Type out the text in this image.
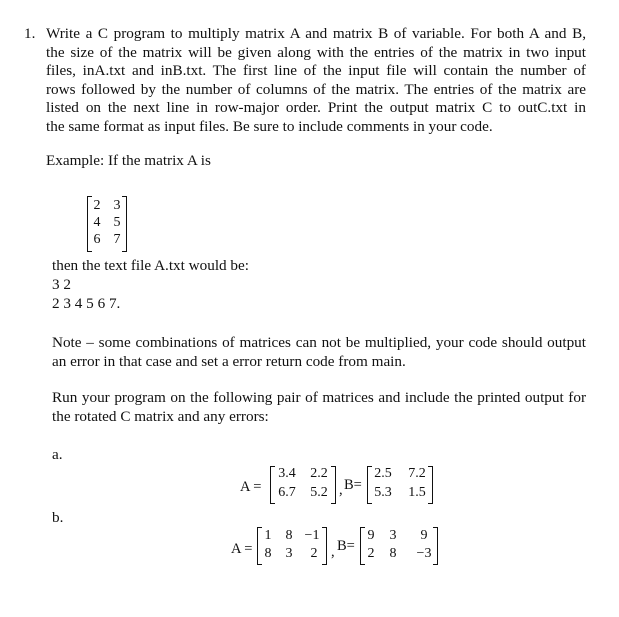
1. Write a C program to multiply matrix A and matrix B of variable. For both A and B,
the size of the matrix will be given along with the entries of the matrix in two input
files, inA.txt and inB.txt. The first line of the input file will contain the number of
rows followed by the number of columns of the matrix. The entries of the matrix are
listed on the next line in row-major order. Print the output matrix C to outC.txt in
the same format as input files. Be sure to include comments in your code.
Example: If the matrix A is
2 3
4 5
6 7
then the text file A.txt would be:
3 2
2 3 4 5 6 7.
Note – some combinations of matrices can not be multiplied, your code should output an error in that case and set a error return code from main.
Run your program on the following pair of matrices and include the printed output for the rotated C matrix and any errors:
a.
A =
3.4	2.2
6.7	5.2 , B=
2.5	7.2
5.3	1.5
b.
A =
1	8 −1
8	3	2 , B=
9	3	9
2	8	−3
